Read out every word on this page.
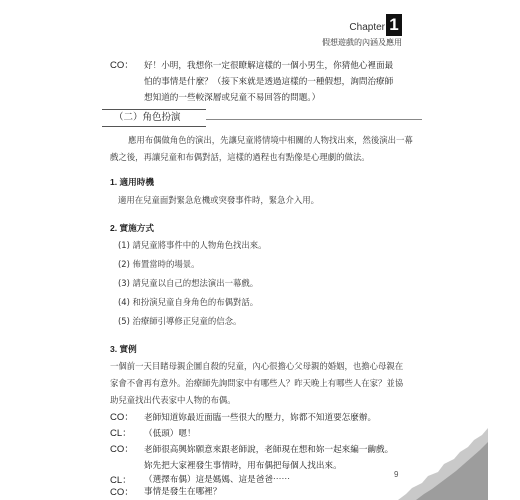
Chapter 1
假想遊戲的內涵及應用
CO： 好！小明，我想你一定很瞭解這樣的一個小男生，你猜他心裡面最
怕的事情是什麼？（接下來就是透過這樣的一種假想，詢問治療師
想知道的一些較深層或兒童不易回答的問題。）
（二）角色扮演
應用布偶做角色的演出，先讓兒童將情境中相關的人物找出來，然後演出一幕
戲之後，再讓兒童和布偶對話，這樣的過程也有點像是心理劇的做法。
1. 適用時機
適用在兒童面對緊急危機或突發事件時，緊急介入用。
2. 實施方式
(1) 請兒童將事件中的人物角色找出來。
(2) 佈置當時的場景。
(3) 請兒童以自己的想法演出一幕戲。
(4) 和扮演兒童自身角色的布偶對話。
(5) 治療師引導修正兒童的信念。
3. 實例
一個前一天目睹母親企圖自殺的兒童，內心很擔心父母親的婚姻，也擔心母親在
家會不會再有意外。治療師先詢問家中有哪些人？昨天晚上有哪些人在家？並協
助兒童找出代表家中人物的布偶。
CO： 老師知道妳最近面臨一些很大的壓力，妳都不知道要怎麼辦。
CL： （低頭）嗯！
CO： 老師很高興妳願意來跟老師說，老師現在想和妳一起來編一齣戲。
妳先把大家裡發生事情時，用布偶把每個人找出來。
CL： （選擇布偶）這是媽媽、這是爸爸⋯⋯
CO： 事情是發生在哪裡？
9
